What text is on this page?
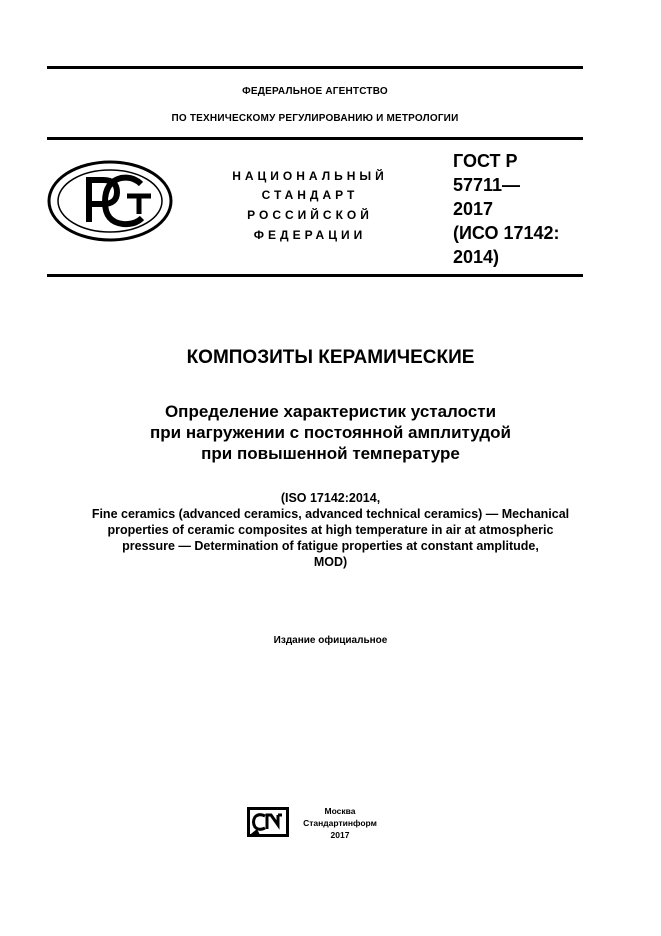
ФЕДЕРАЛЬНОЕ АГЕНТСТВО
ПО ТЕХНИЧЕСКОМУ РЕГУЛИРОВАНИЮ И МЕТРОЛОГИИ
НАЦИОНАЛЬНЫЙ
СТАНДАРТ
РОССИЙСКОЙ
ФЕДЕРАЦИИ
ГОСТ Р
57711—
2017
(ИСО 17142:
2014)
КОМПОЗИТЫ КЕРАМИЧЕСКИЕ
Определение характеристик усталости
при нагружении с постоянной амплитудой
при повышенной температуре
(ISO 17142:2014,
Fine ceramics (advanced ceramics, advanced technical ceramics) — Mechanical
properties of ceramic composites at high temperature in air at atmospheric
pressure — Determination of fatigue properties at constant amplitude,
MOD)
Издание официальное
Москва
Стандартинформ
2017
